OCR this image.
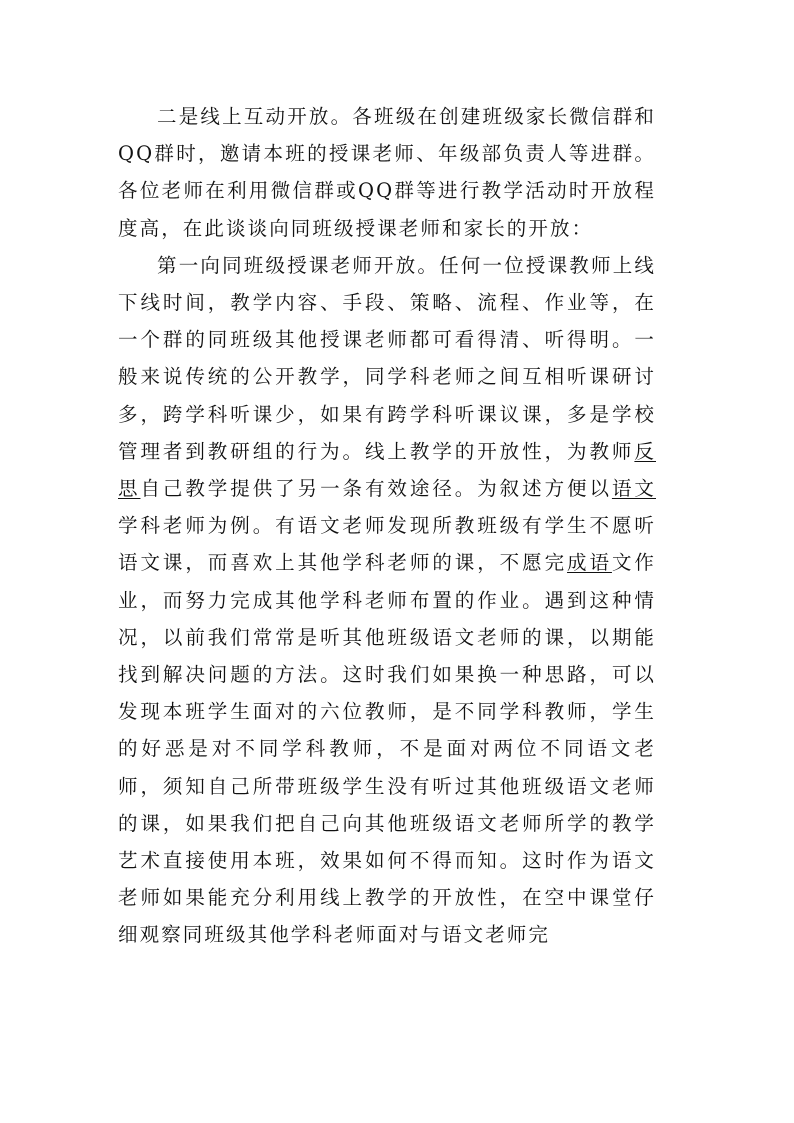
二是线上互动开放。各班级在创建班级家长微信群和QQ群时，邀请本班的授课老师、年级部负责人等进群。各位老师在利用微信群或QQ群等进行教学活动时开放程度高，在此谈谈向同班级授课老师和家长的开放：

第一向同班级授课老师开放。任何一位授课教师上线下线时间，教学内容、手段、策略、流程、作业等，在一个群的同班级其他授课老师都可看得清、听得明。一般来说传统的公开教学，同学科老师之间互相听课研讨多，跨学科听课少，如果有跨学科听课议课，多是学校管理者到教研组的行为。线上教学的开放性，为教师反思自己教学提供了另一条有效途径。为叙述方便以语文学科老师为例。有语文老师发现所教班级有学生不愿听语文课，而喜欢上其他学科老师的课，不愿完成语文作业，而努力完成其他学科老师布置的作业。遇到这种情况，以前我们常常是听其他班级语文老师的课，以期能找到解决问题的方法。这时我们如果换一种思路，可以发现本班学生面对的六位教师，是不同学科教师，学生的好恶是对不同学科教师，不是面对两位不同语文老师，须知自己所带班级学生没有听过其他班级语文老师的课，如果我们把自己向其他班级语文老师所学的教学艺术直接使用本班，效果如何不得而知。这时作为语文老师如果能充分利用线上教学的开放性，在空中课堂仔细观察同班级其他学科老师面对与语文老师完
